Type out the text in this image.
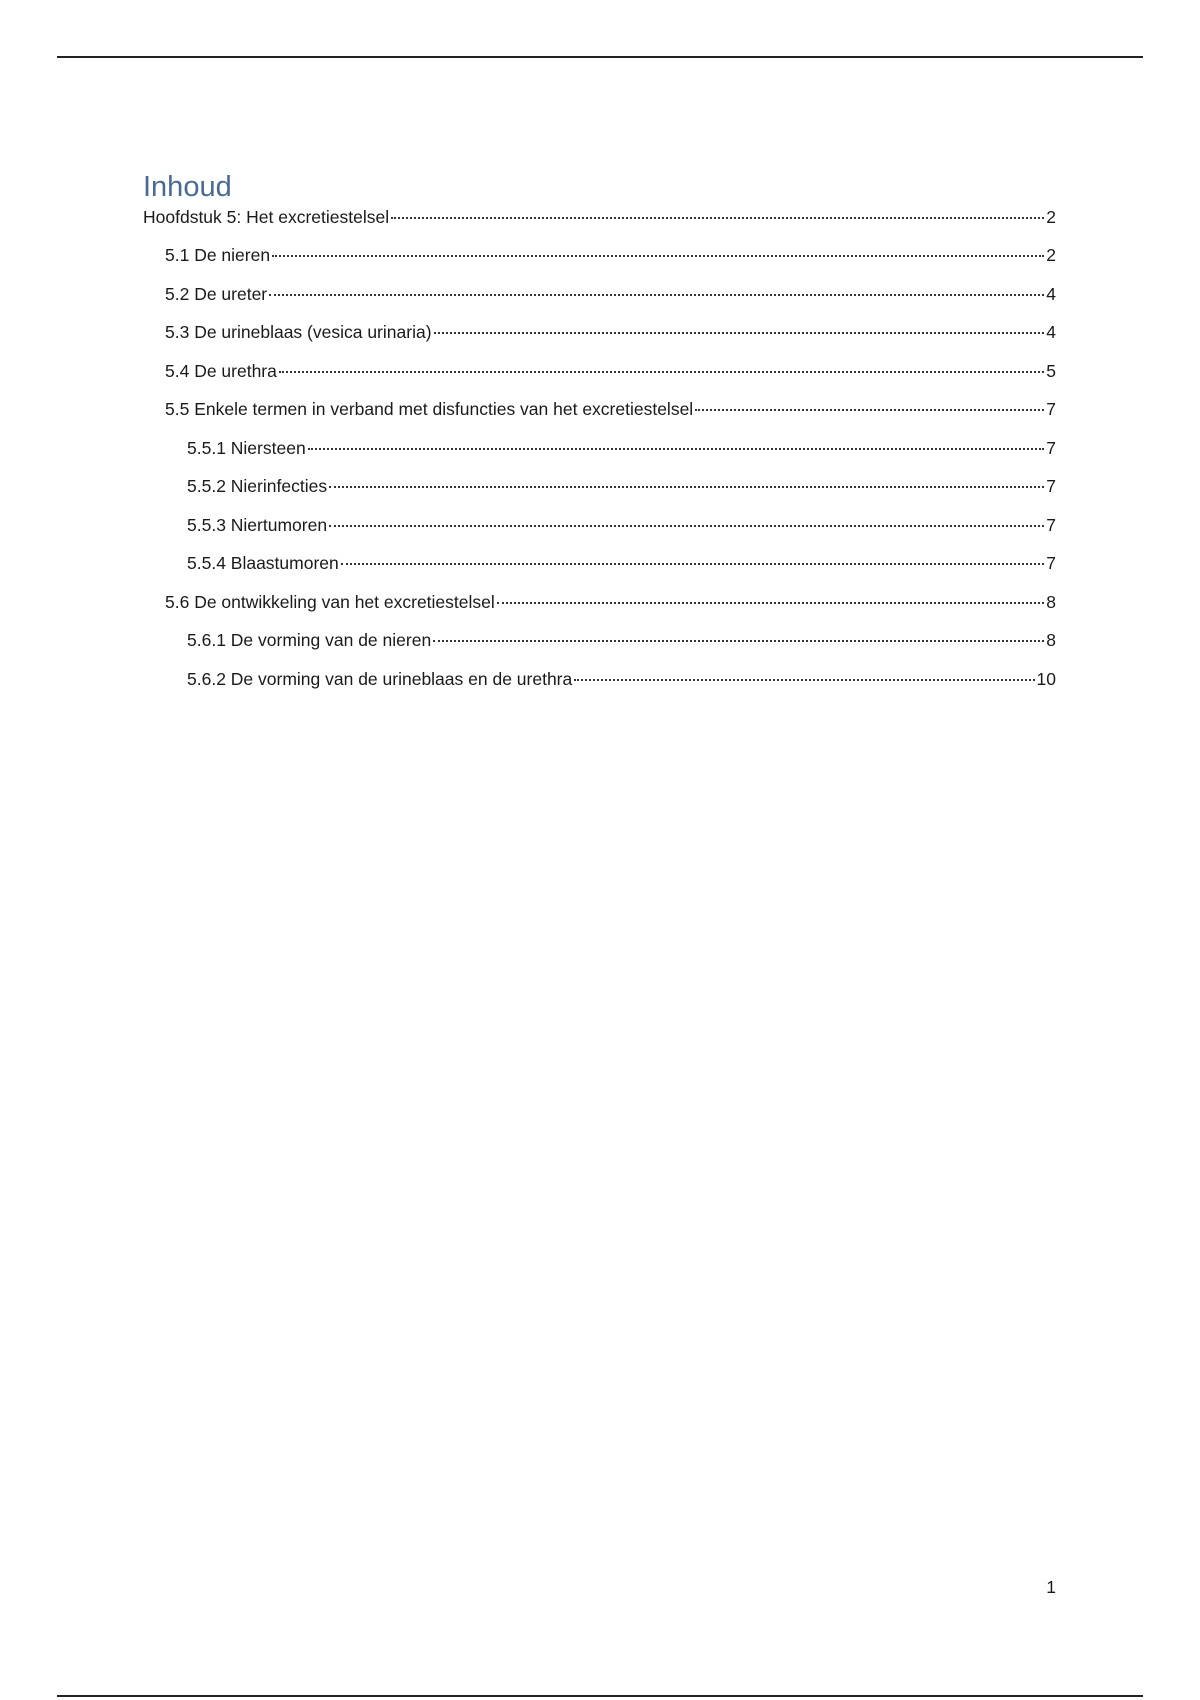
Inhoud
Hoofdstuk 5: Het excretiestelsel	2
5.1 De nieren	2
5.2 De ureter	4
5.3 De urineblaas (vesica urinaria)	4
5.4 De urethra	5
5.5 Enkele termen in verband met disfuncties van het excretiestelsel	7
5.5.1 Niersteen	7
5.5.2 Nierinfecties	7
5.5.3 Niertumoren	7
5.5.4 Blaastumoren	7
5.6 De ontwikkeling van het excretiestelsel	8
5.6.1 De vorming van de nieren	8
5.6.2 De vorming van de urineblaas en de urethra	10
1
